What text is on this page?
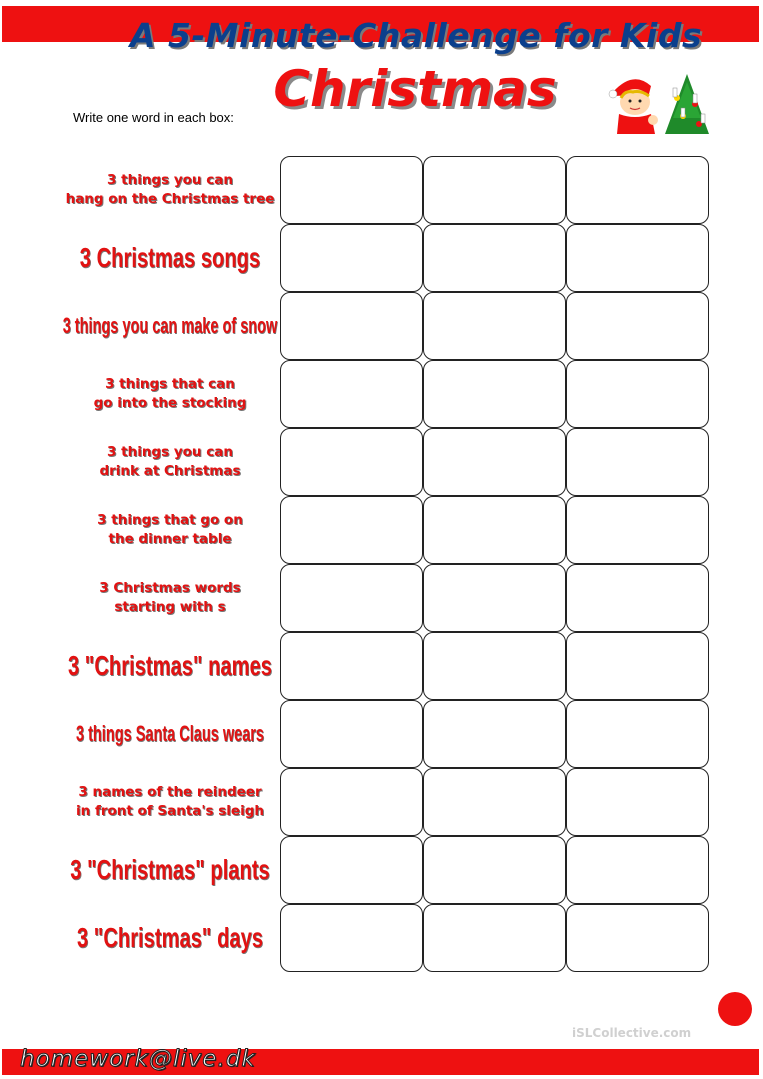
A 5-Minute-Challenge for Kids
Christmas
Write one word in each box:
3 things you can
hang on the Christmas tree
3 Christmas songs
3 things you can make of snow
3 things that can
go into the stocking
3 things you can
drink at Christmas
3 things that go on
the dinner table
3 Christmas words
starting with s
3 "Christmas" names
3 things Santa Claus wears
3 names of the reindeer
in front of Santa's sleigh
3 "Christmas" plants
3 "Christmas" days
iSLCollective.com
homework@live.dk
